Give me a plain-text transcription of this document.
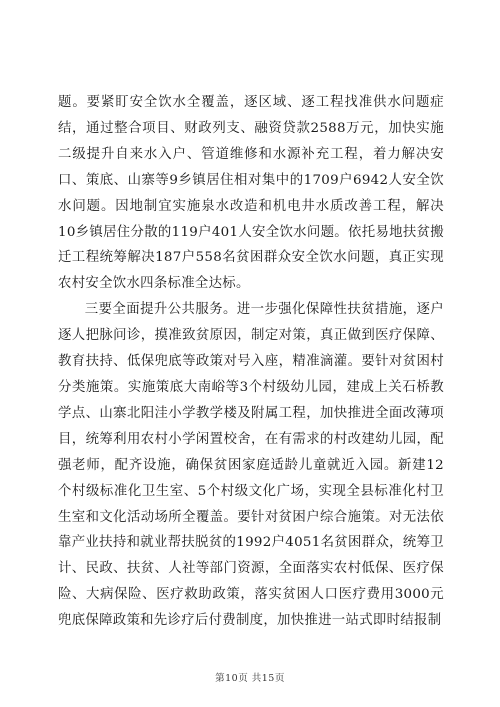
题。要紧盯安全饮水全覆盖，逐区域、逐工程找准供水问题症结，通过整合项目、财政列支、融资贷款2588万元，加快实施二级提升自来水入户、管道维修和水源补充工程，着力解决安口、策底、山寨等9乡镇居住相对集中的1709户6942人安全饮水问题。因地制宜实施泉水改造和机电井水质改善工程，解决10乡镇居住分散的119户401人安全饮水问题。依托易地扶贫搬迁工程统筹解决187户558名贫困群众安全饮水问题，真正实现农村安全饮水四条标准全达标。

三要全面提升公共服务。进一步强化保障性扶贫措施，逐户逐人把脉问诊，摸准致贫原因，制定对策，真正做到医疗保障、教育扶持、低保兜底等政策对号入座，精准滴灌。要针对贫困村分类施策。实施策底大南峪等3个村级幼儿园，建成上关石桥教学点、山寨北阳洼小学教学楼及附属工程，加快推进全面改薄项目，统筹利用农村小学闲置校舍，在有需求的村改建幼儿园，配强老师，配齐设施，确保贫困家庭适龄儿童就近入园。新建12个村级标准化卫生室、5个村级文化广场，实现全县标准化村卫生室和文化活动场所全覆盖。要针对贫困户综合施策。对无法依靠产业扶持和就业帮扶脱贫的1992户4051名贫困群众，统筹卫计、民政、扶贫、人社等部门资源，全面落实农村低保、医疗保险、大病保险、医疗救助政策，落实贫困人口医疗费用3000元兜底保障政策和先诊疗后付费制度，加快推进一站式即时结报制

第10页 共15页
